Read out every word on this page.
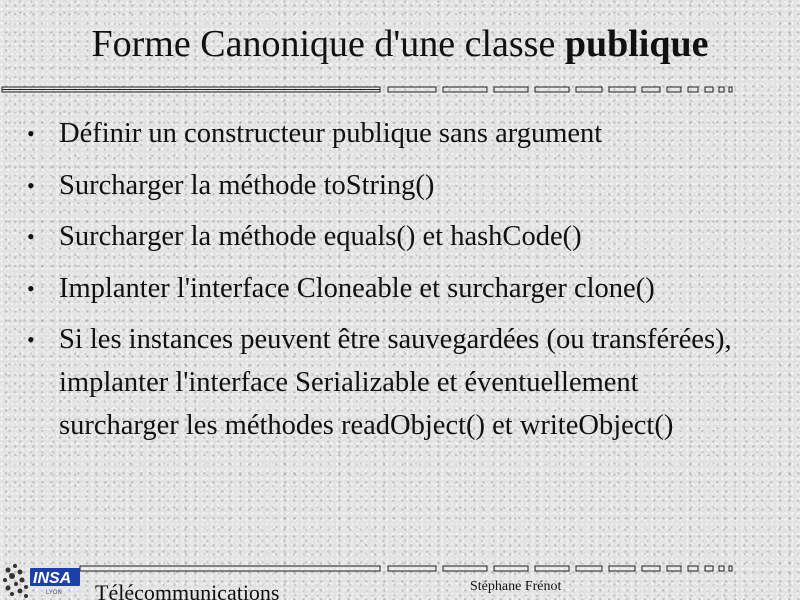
Forme Canonique d'une classe publique
• Définir un constructeur publique sans argument
• Surcharger la méthode toString()
• Surcharger la méthode equals() et hashCode()
• Implanter l'interface Cloneable et surcharger clone()
• Si les instances peuvent être sauvegardées (ou transférées), implanter l'interface Serializable et éventuellement surcharger les méthodes readObject() et writeObject()
INSA
LYON Télécommunications	Stéphane Frénot
